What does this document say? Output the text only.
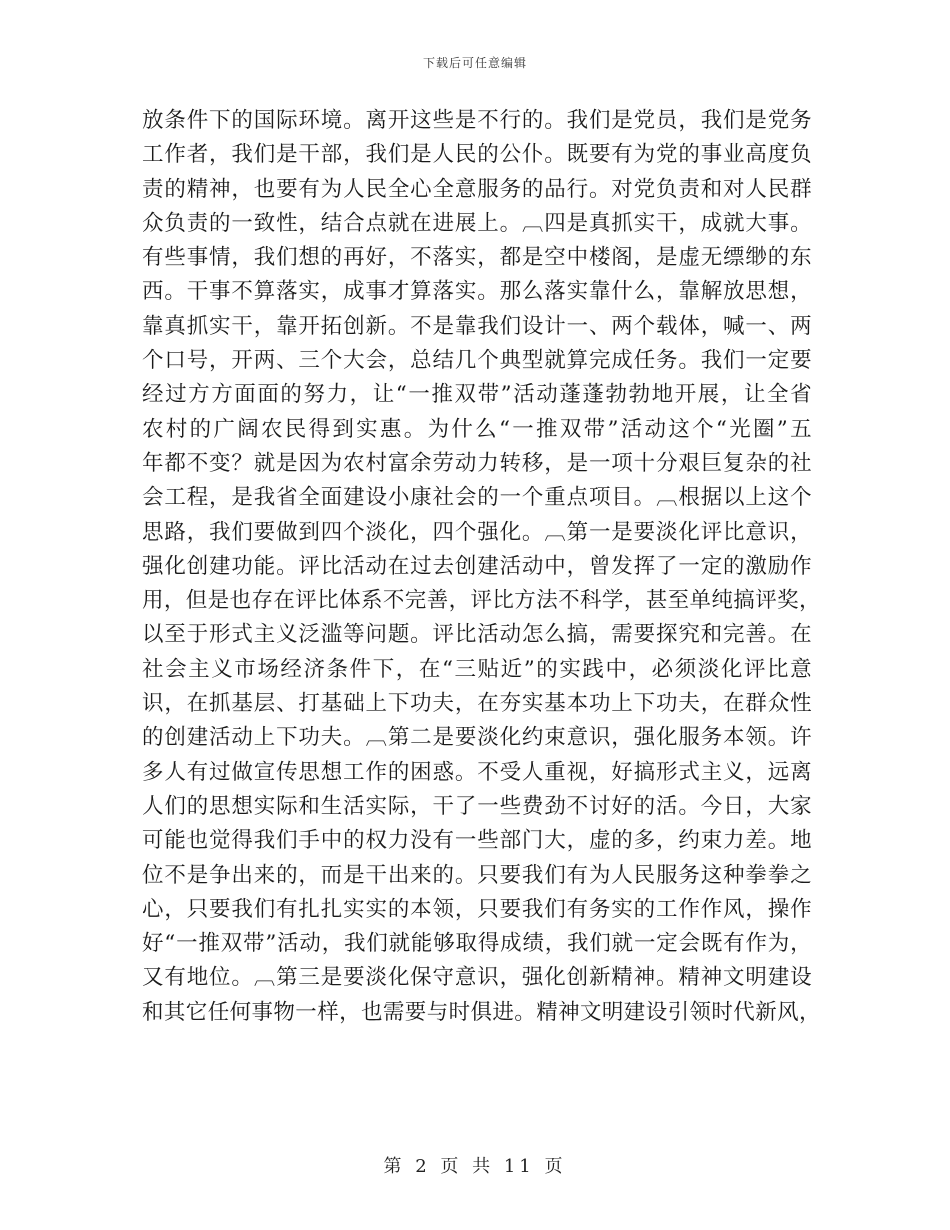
下载后可任意编辑
放条件下的国际环境。离开这些是不行的。我们是党员，我们是党务
工作者，我们是干部，我们是人民的公仆。既要有为党的事业高度负
责的精神，也要有为人民全心全意服务的品行。对党负责和对人民群
众负责的一致性，结合点就在进展上。︹四是真抓实干，成就大事。
有些事情，我们想的再好，不落实，都是空中楼阁，是虚无缥缈的东
西。干事不算落实，成事才算落实。那么落实靠什么，靠解放思想，
靠真抓实干，靠开拓创新。不是靠我们设计一、两个载体，喊一、两
个口号，开两、三个大会，总结几个典型就算完成任务。我们一定要
经过方方面面的努力，让“一推双带”活动蓬蓬勃勃地开展，让全省
农村的广阔农民得到实惠。为什么“一推双带”活动这个“光圈”五
年都不变？就是因为农村富余劳动力转移，是一项十分艰巨复杂的社
会工程，是我省全面建设小康社会的一个重点项目。︹根据以上这个
思路，我们要做到四个淡化，四个强化。︹第一是要淡化评比意识，
强化创建功能。评比活动在过去创建活动中，曾发挥了一定的激励作
用，但是也存在评比体系不完善，评比方法不科学，甚至单纯搞评奖，
以至于形式主义泛滥等问题。评比活动怎么搞，需要探究和完善。在
社会主义市场经济条件下，在“三贴近”的实践中，必须淡化评比意
识，在抓基层、打基础上下功夫，在夯实基本功上下功夫，在群众性
的创建活动上下功夫。︹第二是要淡化约束意识，强化服务本领。许
多人有过做宣传思想工作的困惑。不受人重视，好搞形式主义，远离
人们的思想实际和生活实际，干了一些费劲不讨好的活。今日，大家
可能也觉得我们手中的权力没有一些部门大，虚的多，约束力差。地
位不是争出来的，而是干出来的。只要我们有为人民服务这种拳拳之
心，只要我们有扎扎实实的本领，只要我们有务实的工作作风，操作
好“一推双带”活动，我们就能够取得成绩，我们就一定会既有作为，
又有地位。︹第三是要淡化保守意识，强化创新精神。精神文明建设
和其它任何事物一样，也需要与时俱进。精神文明建设引领时代新风，
第 2 页 共 11 页
